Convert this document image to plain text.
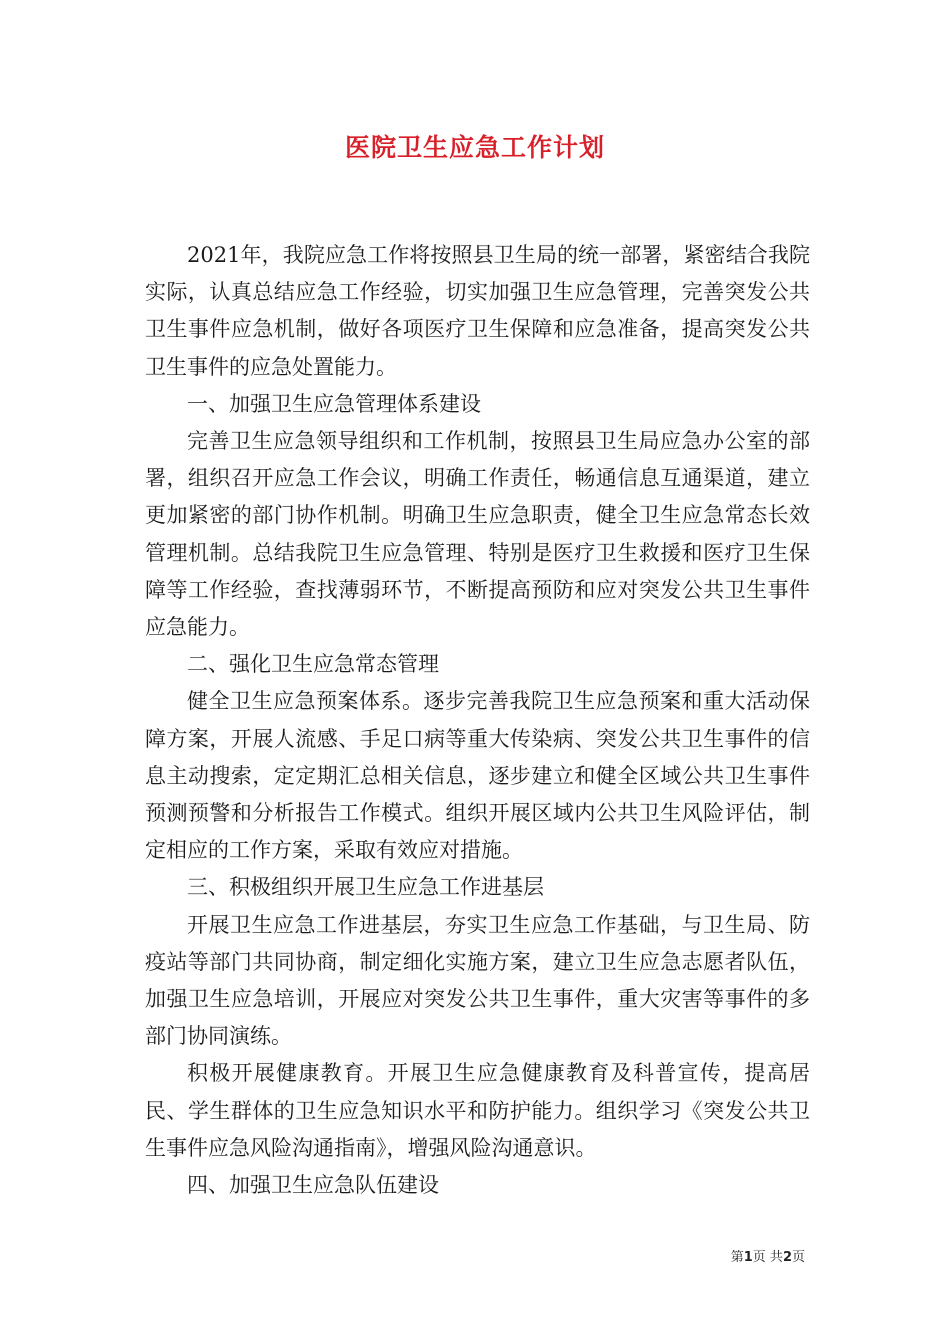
医院卫生应急工作计划

2021年，我院应急工作将按照县卫生局的统一部署，紧密结合我院实际，认真总结应急工作经验，切实加强卫生应急管理，完善突发公共卫生事件应急机制，做好各项医疗卫生保障和应急准备，提高突发公共卫生事件的应急处置能力。

一、加强卫生应急管理体系建设

完善卫生应急领导组织和工作机制，按照县卫生局应急办公室的部署，组织召开应急工作会议，明确工作责任，畅通信息互通渠道，建立更加紧密的部门协作机制。明确卫生应急职责，健全卫生应急常态长效管理机制。总结我院卫生应急管理、特别是医疗卫生救援和医疗卫生保障等工作经验，查找薄弱环节，不断提高预防和应对突发公共卫生事件应急能力。

二、强化卫生应急常态管理

健全卫生应急预案体系。逐步完善我院卫生应急预案和重大活动保障方案，开展人流感、手足口病等重大传染病、突发公共卫生事件的信息主动搜索，定定期汇总相关信息，逐步建立和健全区域公共卫生事件预测预警和分析报告工作模式。组织开展区域内公共卫生风险评估，制定相应的工作方案，采取有效应对措施。

三、积极组织开展卫生应急工作进基层

开展卫生应急工作进基层，夯实卫生应急工作基础，与卫生局、防疫站等部门共同协商，制定细化实施方案，建立卫生应急志愿者队伍，加强卫生应急培训，开展应对突发公共卫生事件，重大灾害等事件的多部门协同演练。

积极开展健康教育。开展卫生应急健康教育及科普宣传，提高居民、学生群体的卫生应急知识水平和防护能力。组织学习《突发公共卫生事件应急风险沟通指南》，增强风险沟通意识。

四、加强卫生应急队伍建设

第1页 共2页
